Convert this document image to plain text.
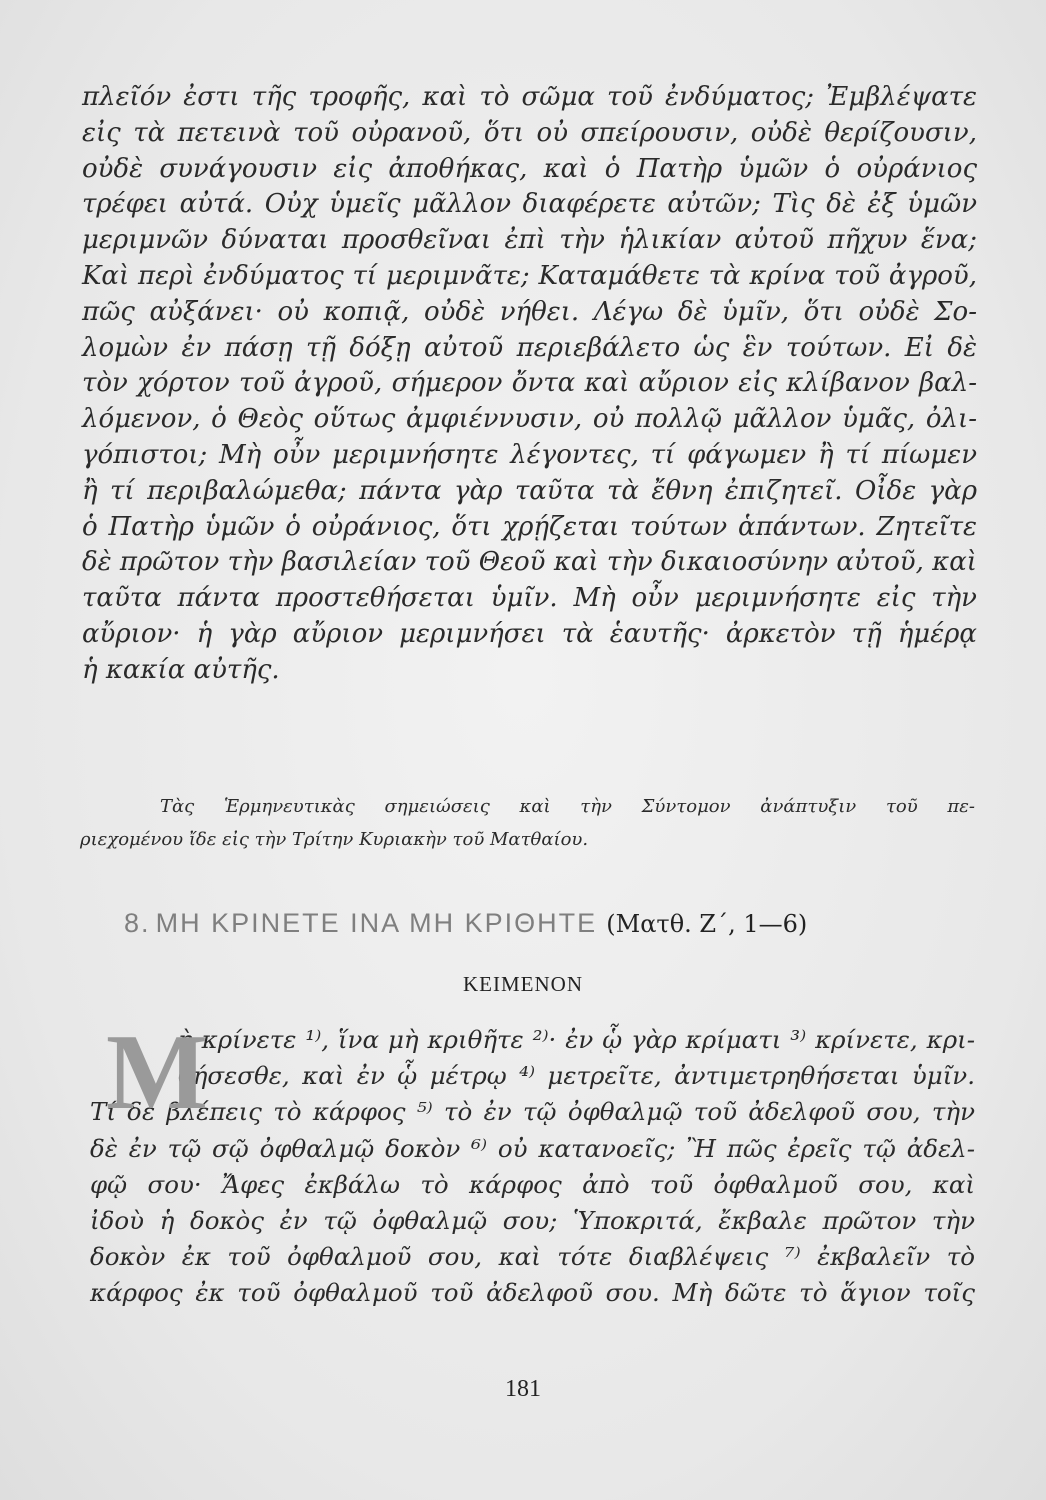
πλεῖόν ἐστι τῆς τροφῆς, καὶ τὸ σῶμα τοῦ ἐνδύματος; Ἐμβλέψατε
εἰς τὰ πετεινὰ τοῦ οὐρανοῦ, ὅτι οὐ σπείρουσιν, οὐδὲ θερίζουσιν,
οὐδὲ συνάγουσιν εἰς ἀποθήκας, καὶ ὁ Πατὴρ ὑμῶν ὁ οὐράνιος
τρέφει αὐτά. Οὐχ ὑμεῖς μᾶλλον διαφέρετε αὐτῶν; Τὶς δὲ ἐξ ὑμῶν
μεριμνῶν δύναται προσθεῖναι ἐπὶ τὴν ἡλικίαν αὐτοῦ πῆχυν ἕνα;
Καὶ περὶ ἐνδύματος τί μεριμνᾶτε; Καταμάθετε τὰ κρίνα τοῦ ἀγροῦ,
πῶς αὐξάνει· οὐ κοπιᾷ, οὐδὲ νήθει. Λέγω δὲ ὑμῖν, ὅτι οὐδὲ Σο-
λομὼν ἐν πάσῃ τῇ δόξῃ αὐτοῦ περιεβάλετο ὡς ἓν τούτων. Εἰ δὲ
τὸν χόρτον τοῦ ἀγροῦ, σήμερον ὄντα καὶ αὔριον εἰς κλίβανον βαλ-
λόμενον, ὁ Θεὸς οὕτως ἀμφιέννυσιν, οὐ πολλῷ μᾶλλον ὑμᾶς, ὀλι-
γόπιστοι; Μὴ οὖν μεριμνήσητε λέγοντες, τί φάγωμεν ἢ τί πίωμεν
ἢ τί περιβαλώμεθα; πάντα γὰρ ταῦτα τὰ ἔθνη ἐπιζητεῖ. Οἶδε γὰρ
ὁ Πατὴρ ὑμῶν ὁ οὐράνιος, ὅτι χρῄζεται τούτων ἁπάντων. Ζητεῖτε
δὲ πρῶτον τὴν βασιλείαν τοῦ Θεοῦ καὶ τὴν δικαιοσύνην αὐτοῦ, καὶ
ταῦτα πάντα προστεθήσεται ὑμῖν. Μὴ οὖν μεριμνήσητε εἰς τὴν
αὔριον· ἡ γὰρ αὔριον μεριμνήσει τὰ ἑαυτῆς· ἀρκετὸν τῇ ἡμέρᾳ
ἡ κακία αὐτῆς.
Τὰς Ἑρμηνευτικὰς σημειώσεις καὶ τὴν Σύντομον ἀνάπτυξιν τοῦ πε-
ριεχομένου ἴδε εἰς τὴν Τρίτην Κυριακὴν τοῦ Ματθαίου.
8. ΜΗ ΚΡΙΝΕΤΕ ΙΝΑ ΜΗ ΚΡΙΘΗΤΕ (Ματθ. Ζ΄, 1—6)
ΚΕΙΜΕΝΟΝ
Μ
ὴ κρίνετε ¹⁾, ἵνα μὴ κριθῆτε ²⁾· ἐν ᾧ γὰρ κρίματι ³⁾ κρίνετε, κρι-
θήσεσθε, καὶ ἐν ᾧ μέτρῳ ⁴⁾ μετρεῖτε, ἀντιμετρηθήσεται ὑμῖν.
Τί δὲ βλέπεις τὸ κάρφος ⁵⁾ τὸ ἐν τῷ ὀφθαλμῷ τοῦ ἀδελφοῦ σου, τὴν
δὲ ἐν τῷ σῷ ὀφθαλμῷ δοκὸν ⁶⁾ οὐ κατανοεῖς; Ἢ πῶς ἐρεῖς τῷ ἀδελ-
φῷ σου· Ἄφες ἐκβάλω τὸ κάρφος ἀπὸ τοῦ ὀφθαλμοῦ σου, καὶ
ἰδοὺ ἡ δοκὸς ἐν τῷ ὀφθαλμῷ σου; Ὑποκριτά, ἔκβαλε πρῶτον τὴν
δοκὸν ἐκ τοῦ ὀφθαλμοῦ σου, καὶ τότε διαβλέψεις ⁷⁾ ἐκβαλεῖν τὸ
κάρφος ἐκ τοῦ ὀφθαλμοῦ τοῦ ἀδελφοῦ σου. Μὴ δῶτε τὸ ἅγιον τοῖς
181
